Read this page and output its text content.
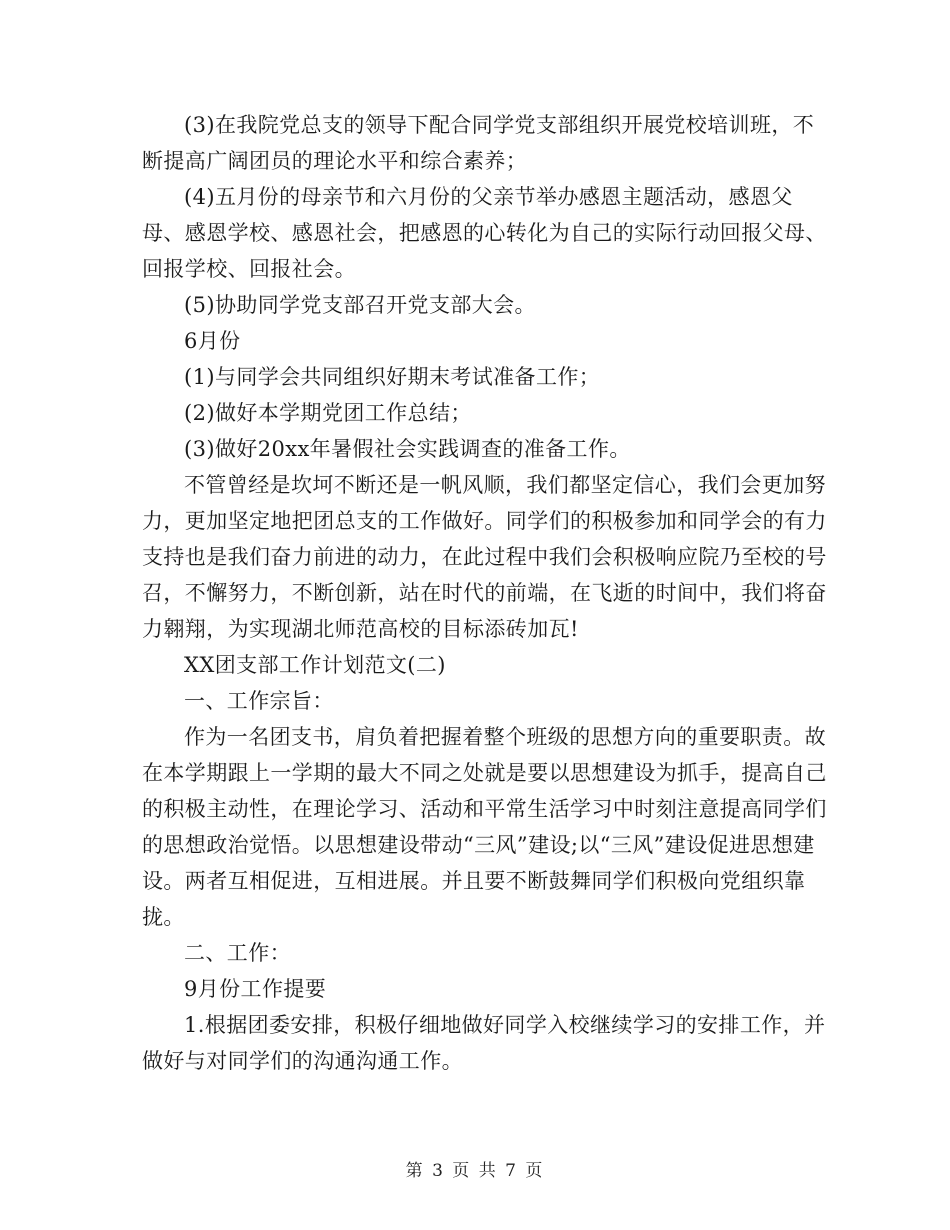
(3)在我院党总支的领导下配合同学党支部组织开展党校培训班，不断提高广阔团员的理论水平和综合素养；

(4)五月份的母亲节和六月份的父亲节举办感恩主题活动，感恩父母、感恩学校、感恩社会，把感恩的心转化为自己的实际行动回报父母、回报学校、回报社会。

(5)协助同学党支部召开党支部大会。

6月份

(1)与同学会共同组织好期末考试准备工作；

(2)做好本学期党团工作总结；

(3)做好20xx年暑假社会实践调查的准备工作。

不管曾经是坎坷不断还是一帆风顺，我们都坚定信心，我们会更加努力，更加坚定地把团总支的工作做好。同学们的积极参加和同学会的有力支持也是我们奋力前进的动力，在此过程中我们会积极响应院乃至校的号召，不懈努力，不断创新，站在时代的前端，在飞逝的时间中，我们将奋力翱翔，为实现湖北师范高校的目标添砖加瓦!

XX团支部工作计划范文(二)

一、工作宗旨：

作为一名团支书，肩负着把握着整个班级的思想方向的重要职责。故在本学期跟上一学期的最大不同之处就是要以思想建设为抓手，提高自己的积极主动性，在理论学习、活动和平常生活学习中时刻注意提高同学们的思想政治觉悟。以思想建设带动“三风”建设;以“三风”建设促进思想建设。两者互相促进，互相进展。并且要不断鼓舞同学们积极向党组织靠拢。

二、工作：

9月份工作提要

1.根据团委安排，积极仔细地做好同学入校继续学习的安排工作，并做好与对同学们的沟通沟通工作。

第 3 页 共 7 页
